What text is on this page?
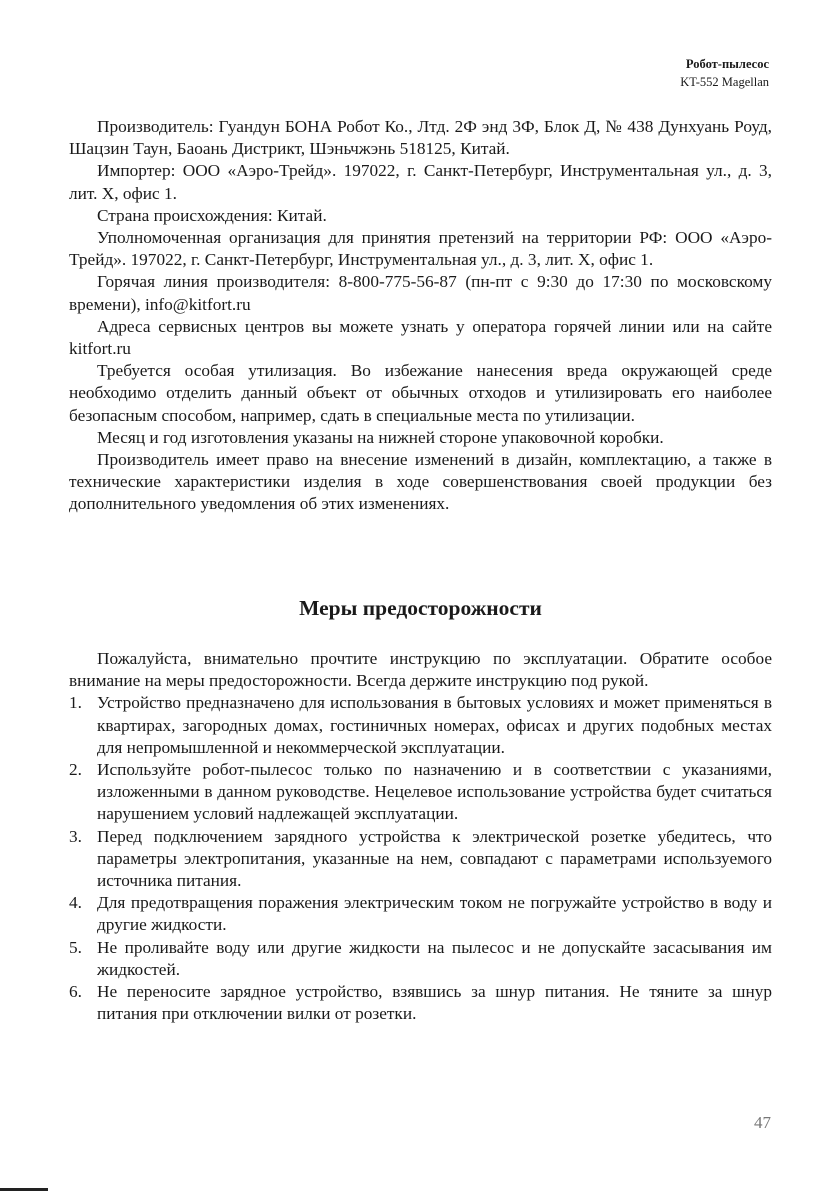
Робот-пылесос
KT-552 Magellan

Производитель: Гуандун БОНА Робот Ко., Лтд. 2Ф энд 3Ф, Блок Д, № 438 Дунхуань Роуд, Шацзин Таун, Баоань Дистрикт, Шэньчжэнь 518125, Китай.

Импортер: ООО «Аэро-Трейд». 197022, г. Санкт-Петербург, Инструментальная ул., д. 3, лит. Х, офис 1.

Страна происхождения: Китай.

Уполномоченная организация для принятия претензий на территории РФ: ООО «Аэро-Трейд». 197022, г. Санкт-Петербург, Инструментальная ул., д. 3, лит. Х, офис 1.

Горячая линия производителя: 8-800-775-56-87 (пн-пт с 9:30 до 17:30 по московскому времени), info@kitfort.ru

Адреса сервисных центров вы можете узнать у оператора горячей линии или на сайте kitfort.ru

Требуется особая утилизация. Во избежание нанесения вреда окружающей среде необходимо отделить данный объект от обычных отходов и утилизировать его наиболее безопасным способом, например, сдать в специальные места по утилизации.

Месяц и год изготовления указаны на нижней стороне упаковочной коробки.

Производитель имеет право на внесение изменений в дизайн, комплектацию, а также в технические характеристики изделия в ходе совершенствования своей продукции без дополнительного уведомления об этих изменениях.

Меры предосторожности

Пожалуйста, внимательно прочтите инструкцию по эксплуатации. Обратите особое внимание на меры предосторожности. Всегда держите инструкцию под рукой.

1. Устройство предназначено для использования в бытовых условиях и может применяться в квартирах, загородных домах, гостиничных номерах, офисах и других подобных местах для непромышленной и некоммерческой эксплуатации.
2. Используйте робот-пылесос только по назначению и в соответствии с указаниями, изложенными в данном руководстве. Нецелевое использование устройства будет считаться нарушением условий надлежащей эксплуатации.
3. Перед подключением зарядного устройства к электрической розетке убедитесь, что параметры электропитания, указанные на нем, совпадают с параметрами используемого источника питания.
4. Для предотвращения поражения электрическим током не погружайте устройство в воду и другие жидкости.
5. Не проливайте воду или другие жидкости на пылесос и не допускайте засасывания им жидкостей.
6. Не переносите зарядное устройство, взявшись за шнур питания. Не тяните за шнур питания при отключении вилки от розетки.
47
